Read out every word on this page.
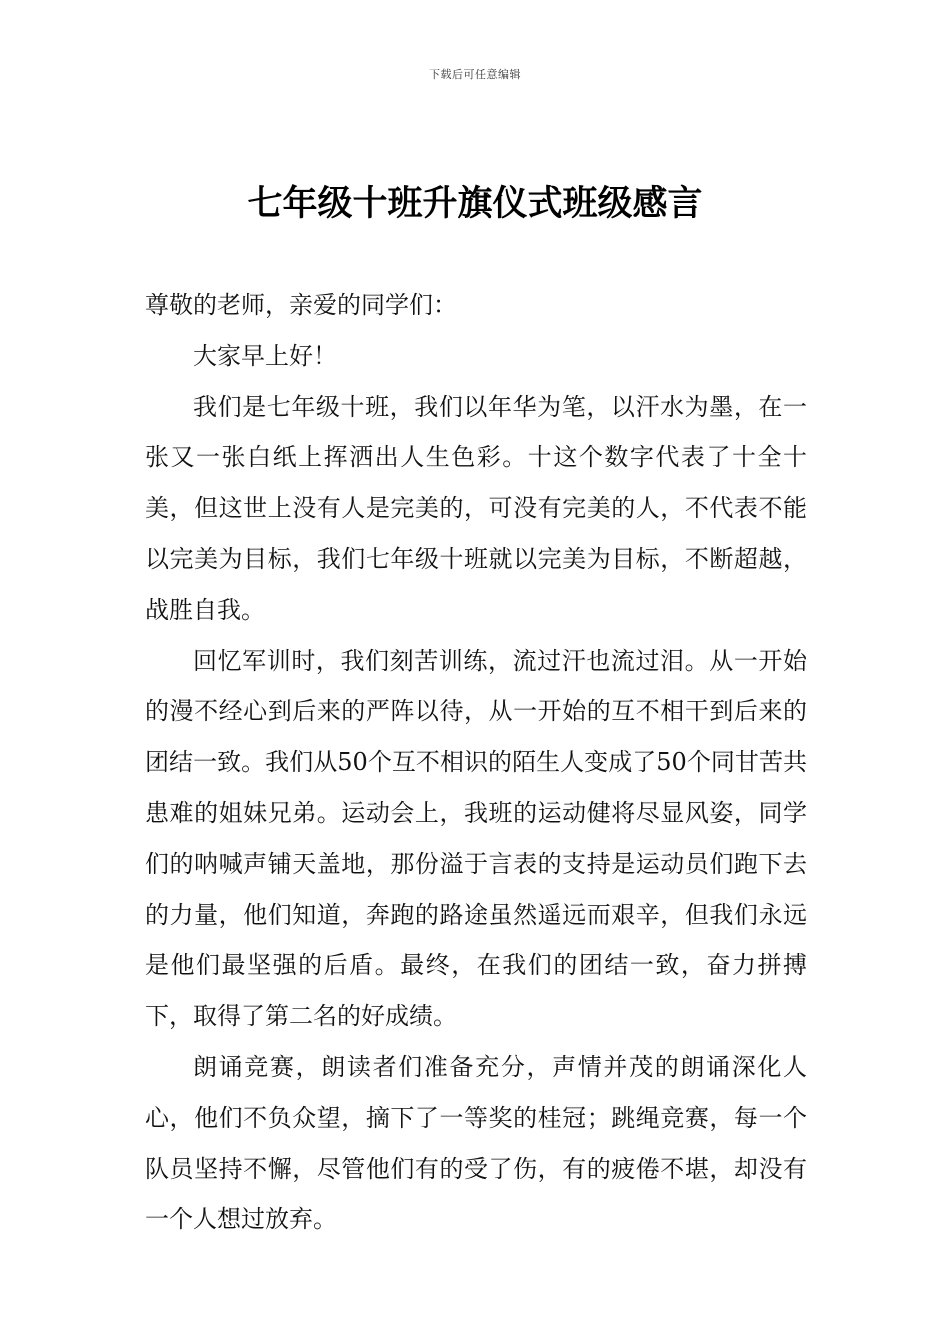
下载后可任意编辑
七年级十班升旗仪式班级感言

尊敬的老师，亲爱的同学们：

大家早上好！

我们是七年级十班，我们以年华为笔，以汗水为墨，在一张又一张白纸上挥洒出人生色彩。十这个数字代表了十全十美，但这世上没有人是完美的，可没有完美的人，不代表不能以完美为目标，我们七年级十班就以完美为目标，不断超越，战胜自我。

回忆军训时，我们刻苦训练，流过汗也流过泪。从一开始的漫不经心到后来的严阵以待，从一开始的互不相干到后来的团结一致。我们从50个互不相识的陌生人变成了50个同甘苦共患难的姐妹兄弟。运动会上，我班的运动健将尽显风姿，同学们的呐喊声铺天盖地，那份溢于言表的支持是运动员们跑下去的力量，他们知道，奔跑的路途虽然遥远而艰辛，但我们永远是他们最坚强的后盾。最终，在我们的团结一致，奋力拼搏下，取得了第二名的好成绩。

朗诵竞赛，朗读者们准备充分，声情并茂的朗诵深化人心，他们不负众望，摘下了一等奖的桂冠；跳绳竞赛，每一个队员坚持不懈，尽管他们有的受了伤，有的疲倦不堪，却没有一个人想过放弃。
